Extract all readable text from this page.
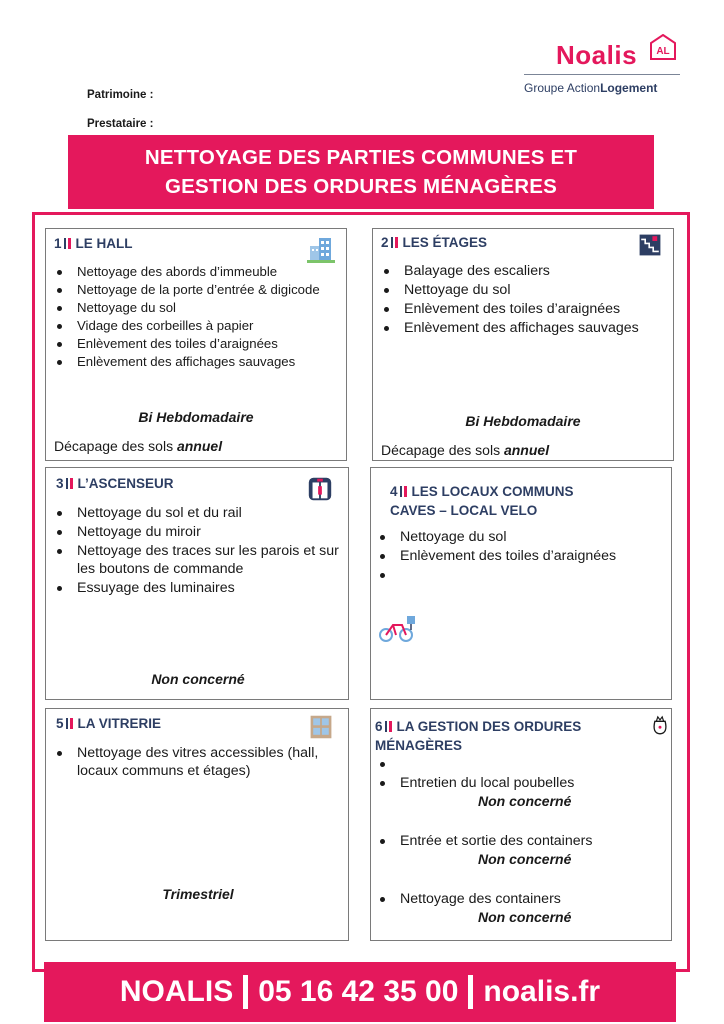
Noalis AL
Groupe ActionLogement
Patrimoine :
Prestataire :
NETTOYAGE DES PARTIES COMMUNES ET
GESTION DES ORDURES MÉNAGÈRES
1 LE HALL
Nettoyage des abords d’immeuble
Nettoyage de la porte d’entrée & digicode
Nettoyage du sol
Vidage des corbeilles à papier
Enlèvement des toiles d’araignées
Enlèvement des affichages sauvages
Bi Hebdomadaire
Décapage des sols annuel
2 LES ÉTAGES
Balayage des escaliers
Nettoyage du sol
Enlèvement des toiles d’araignées
Enlèvement des affichages sauvages
Bi Hebdomadaire
Décapage des sols annuel
3 L’ASCENSEUR
Nettoyage du sol et du rail
Nettoyage du miroir
Nettoyage des traces sur les parois et sur les boutons de commande
Essuyage des luminaires
Non concerné
4 LES LOCAUX COMMUNS
CAVES – LOCAL VELO
Nettoyage du sol
Enlèvement des toiles d’araignées
5 LA VITRERIE
Nettoyage des vitres accessibles (hall, locaux communs et étages)
Trimestriel
6 LA GESTION DES ORDURES
MÉNAGÈRES
Entretien du local poubelles
Non concerné
Entrée et sortie des containers
Non concerné
Nettoyage des containers
Non concerné
NOALIS 05 16 42 35 00 noalis.fr
